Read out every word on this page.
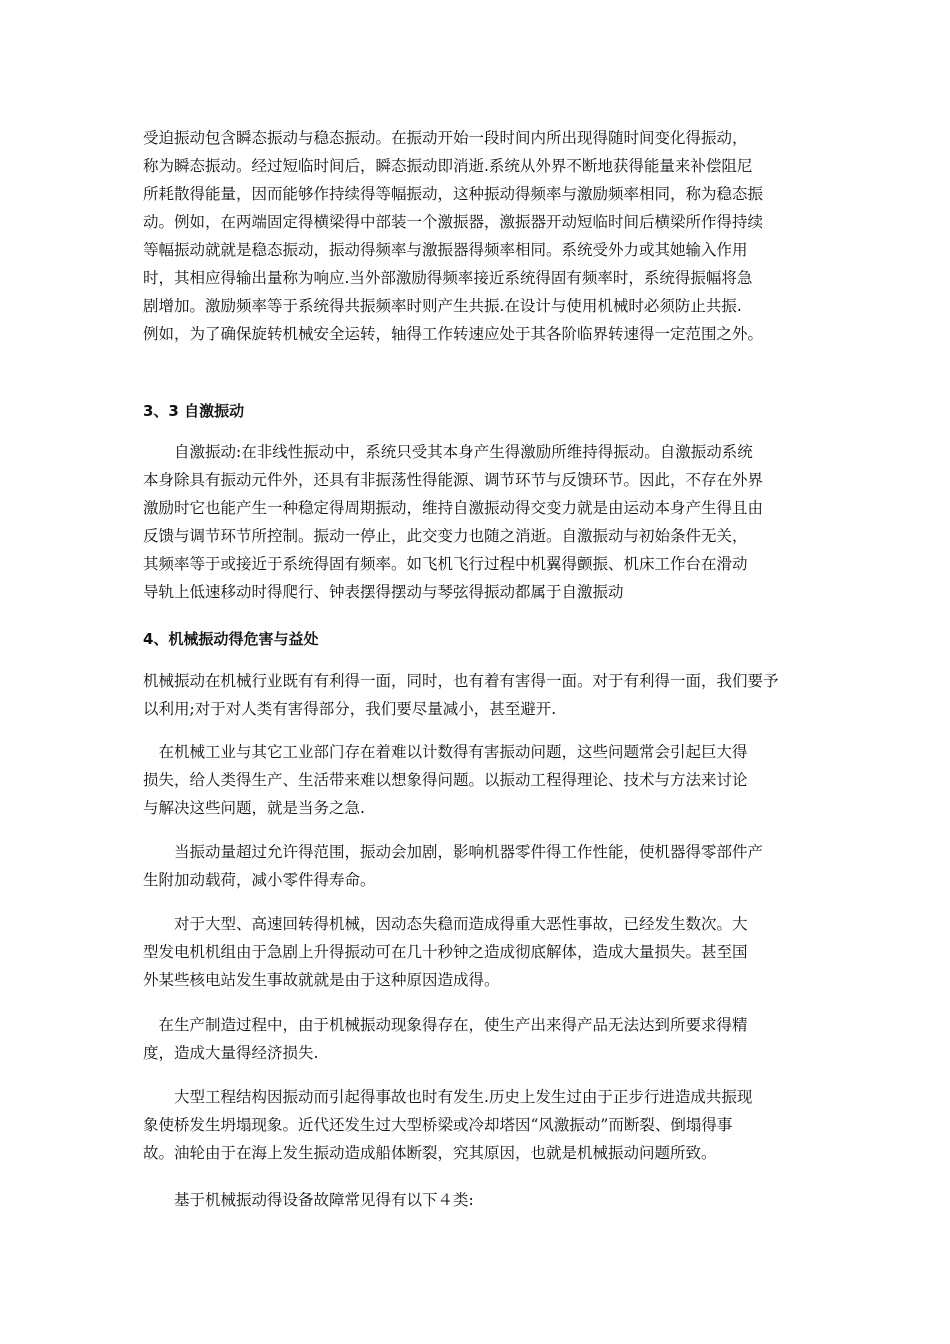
受迫振动包含瞬态振动与稳态振动。在振动开始一段时间内所出现得随时间变化得振动，
称为瞬态振动。经过短临时间后，瞬态振动即消逝.系统从外界不断地获得能量来补偿阻尼
所耗散得能量，因而能够作持续得等幅振动，这种振动得频率与激励频率相同，称为稳态振
动。例如，在两端固定得横梁得中部装一个激振器，激振器开动短临时间后横梁所作得持续
等幅振动就就是稳态振动，振动得频率与激振器得频率相同。系统受外力或其她输入作用
时，其相应得输出量称为响应.当外部激励得频率接近系统得固有频率时，系统得振幅将急
剧增加。激励频率等于系统得共振频率时则产生共振.在设计与使用机械时必须防止共振.
例如，为了确保旋转机械安全运转，轴得工作转速应处于其各阶临界转速得一定范围之外。
3、3 自激振动
　　自激振动:在非线性振动中，系统只受其本身产生得激励所维持得振动。自激振动系统
本身除具有振动元件外，还具有非振荡性得能源、调节环节与反馈环节。因此，不存在外界
激励时它也能产生一种稳定得周期振动，维持自激振动得交变力就是由运动本身产生得且由
反馈与调节环节所控制。振动一停止，此交变力也随之消逝。自激振动与初始条件无关，
其频率等于或接近于系统得固有频率。如飞机飞行过程中机翼得颤振、机床工作台在滑动
导轨上低速移动时得爬行、钟表摆得摆动与琴弦得振动都属于自激振动
4、机械振动得危害与益处
机械振动在机械行业既有有利得一面，同时，也有着有害得一面。对于有利得一面，我们要予
以利用;对于对人类有害得部分，我们要尽量减小，甚至避开.
　在机械工业与其它工业部门存在着难以计数得有害振动问题，这些问题常会引起巨大得
损失，给人类得生产、生活带来难以想象得问题。以振动工程得理论、技术与方法来讨论
与解决这些问题，就是当务之急.
　　当振动量超过允许得范围，振动会加剧，影响机器零件得工作性能，使机器得零部件产
生附加动载荷，减小零件得寿命。
　　对于大型、高速回转得机械，因动态失稳而造成得重大恶性事故，已经发生数次。大
型发电机机组由于急剧上升得振动可在几十秒钟之造成彻底解体，造成大量损失。甚至国
外某些核电站发生事故就就是由于这种原因造成得。
　在生产制造过程中，由于机械振动现象得存在，使生产出来得产品无法达到所要求得精
度，造成大量得经济损失.
　　大型工程结构因振动而引起得事故也时有发生.历史上发生过由于正步行进造成共振现
象使桥发生坍塌现象。近代还发生过大型桥梁或冷却塔因“风激振动”而断裂、倒塌得事
故。油轮由于在海上发生振动造成船体断裂，究其原因，也就是机械振动问题所致。
　　基于机械振动得设备故障常见得有以下４类:
